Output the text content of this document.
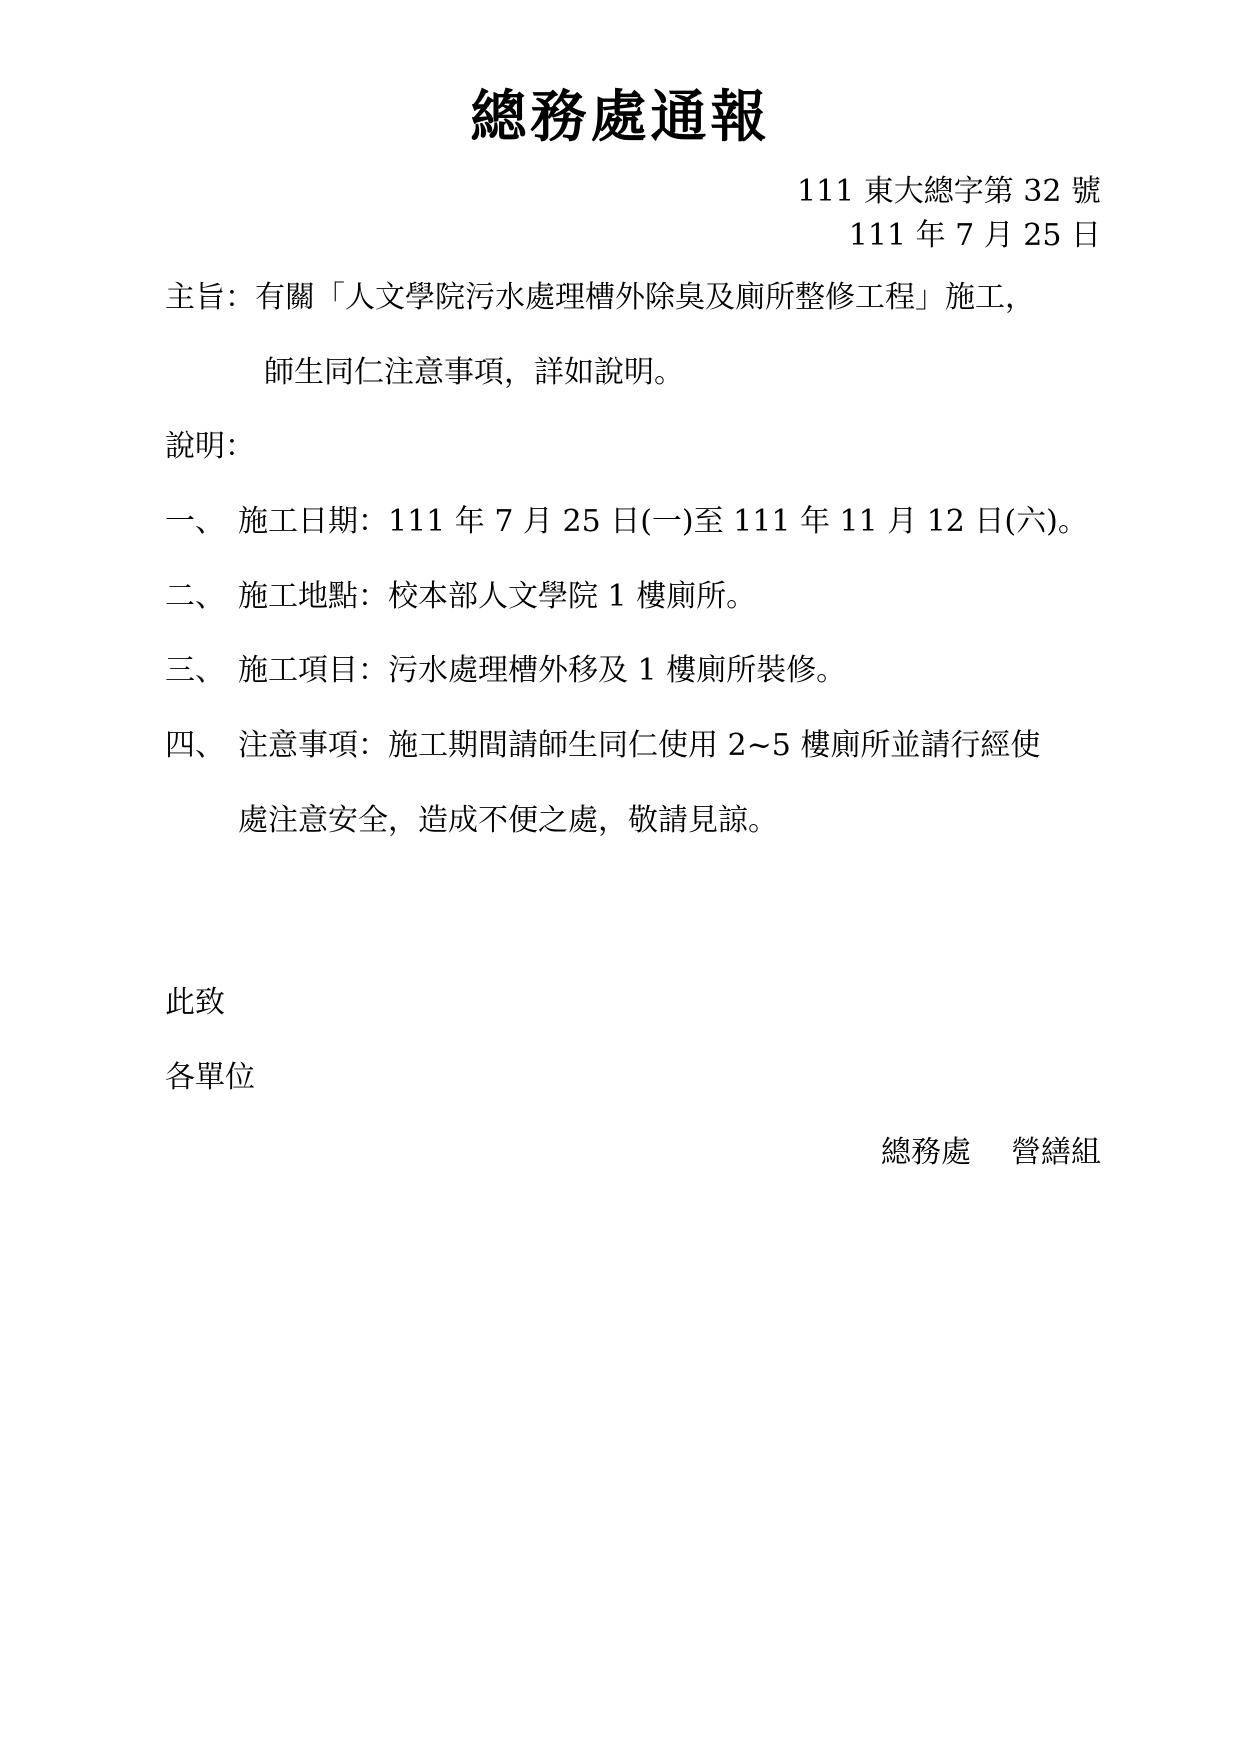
總務處通報
111 東大總字第 32 號
111 年 7 月 25 日
主旨：有關「人文學院污水處理槽外除臭及廁所整修工程」施工，
師生同仁注意事項，詳如說明。
說明：
一、 施工日期：111 年 7 月 25 日(一)至 111 年 11 月 12 日(六)。
二、 施工地點：校本部人文學院 1 樓廁所。
三、 施工項目：污水處理槽外移及 1 樓廁所裝修。
四、 注意事項：施工期間請師生同仁使用 2~5 樓廁所並請行經使
處注意安全，造成不便之處，敬請見諒。
此致
各單位
總務處 營繕組
